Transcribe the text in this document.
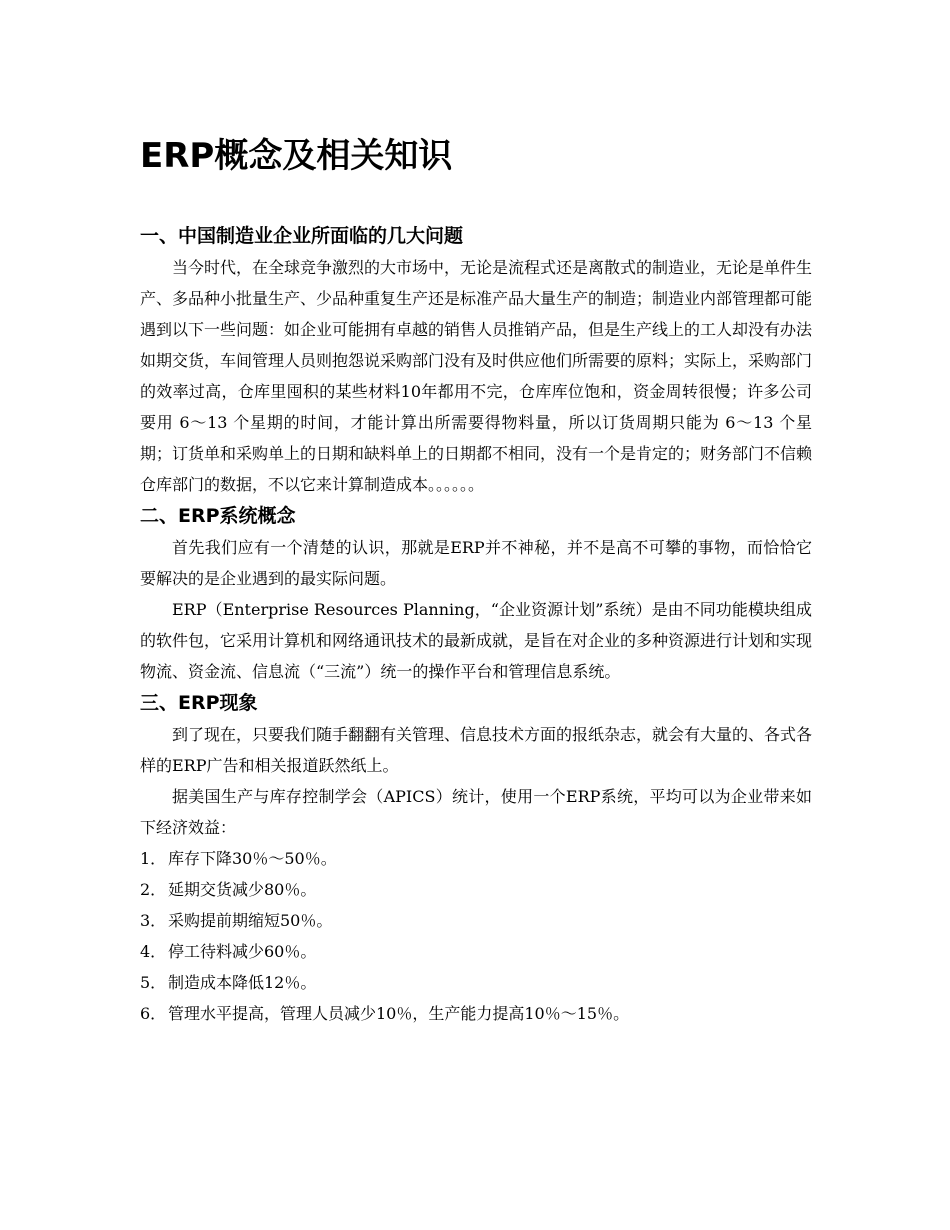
ERP概念及相关知识
一、中国制造业企业所面临的几大问题

当今时代，在全球竞争激烈的大市场中，无论是流程式还是离散式的制造业，无论是单件生产、多品种小批量生产、少品种重复生产还是标准产品大量生产的制造；制造业内部管理都可能遇到以下一些问题：如企业可能拥有卓越的销售人员推销产品，但是生产线上的工人却没有办法如期交货，车间管理人员则抱怨说采购部门没有及时供应他们所需要的原料；实际上，采购部门的效率过高，仓库里囤积的某些材料10年都用不完，仓库库位饱和，资金周转很慢；许多公司要用 6～13 个星期的时间，才能计算出所需要得物料量，所以订货周期只能为 6～13 个星期；订货单和采购单上的日期和缺料单上的日期都不相同，没有一个是肯定的；财务部门不信赖仓库部门的数据，不以它来计算制造成本。。。。。。

二、ERP系统概念

首先我们应有一个清楚的认识，那就是ERP并不神秘，并不是高不可攀的事物，而恰恰它要解决的是企业遇到的最实际问题。

ERP（Enterprise Resources Planning，“企业资源计划”系统）是由不同功能模块组成的软件包，它采用计算机和网络通讯技术的最新成就，是旨在对企业的多种资源进行计划和实现物流、资金流、信息流（“三流”）统一的操作平台和管理信息系统。

三、ERP现象

到了现在，只要我们随手翻翻有关管理、信息技术方面的报纸杂志，就会有大量的、各式各样的ERP广告和相关报道跃然纸上。

据美国生产与库存控制学会（APICS）统计，使用一个ERP系统，平均可以为企业带来如下经济效益：

1． 库存下降30％～50％。
2． 延期交货减少80％。
3． 采购提前期缩短50％。
4． 停工待料减少60％。
5． 制造成本降低12％。
6． 管理水平提高，管理人员减少10％，生产能力提高10％～15％。
